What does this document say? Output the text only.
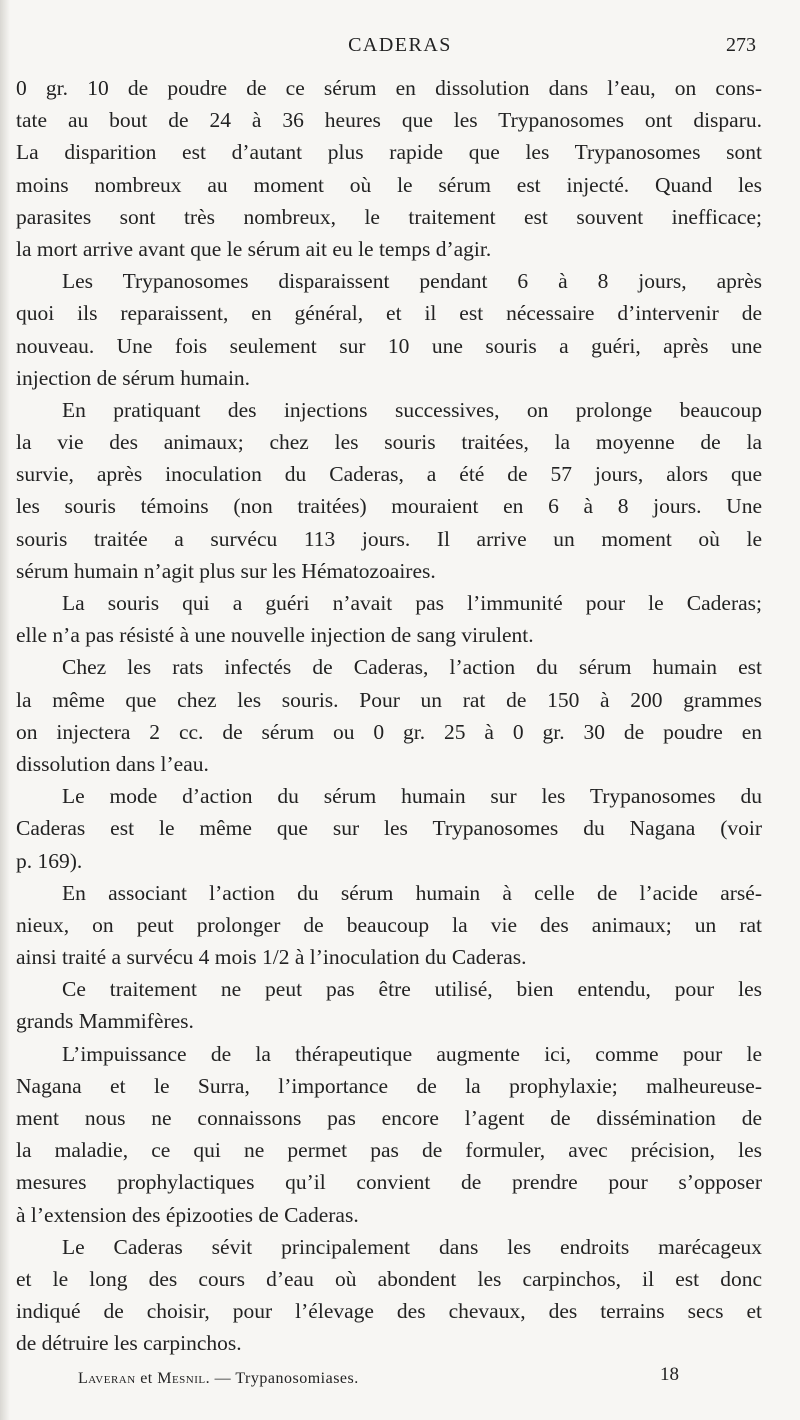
CADERAS	273
0 gr. 10 de poudre de ce sérum en dissolution dans l’eau, on cons-
tate au bout de 24 à 36 heures que les Trypanosomes ont disparu.
La disparition est d’autant plus rapide que les Trypanosomes sont
moins nombreux au moment où le sérum est injecté. Quand les
parasites sont très nombreux, le traitement est souvent inefficace;
la mort arrive avant que le sérum ait eu le temps d’agir.
Les Trypanosomes disparaissent pendant 6 à 8 jours, après
quoi ils reparaissent, en général, et il est nécessaire d’intervenir de
nouveau. Une fois seulement sur 10 une souris a guéri, après une
injection de sérum humain.
En pratiquant des injections successives, on prolonge beaucoup
la vie des animaux; chez les souris traitées, la moyenne de la
survie, après inoculation du Caderas, a été de 57 jours, alors que
les souris témoins (non traitées) mouraient en 6 à 8 jours. Une
souris traitée a survécu 113 jours. Il arrive un moment où le
sérum humain n’agit plus sur les Hématozoaires.
La souris qui a guéri n’avait pas l’immunité pour le Caderas;
elle n’a pas résisté à une nouvelle injection de sang virulent.
Chez les rats infectés de Caderas, l’action du sérum humain est
la même que chez les souris. Pour un rat de 150 à 200 grammes
on injectera 2 cc. de sérum ou 0 gr. 25 à 0 gr. 30 de poudre en
dissolution dans l’eau.
Le mode d’action du sérum humain sur les Trypanosomes du
Caderas est le même que sur les Trypanosomes du Nagana (voir
p. 169).
En associant l’action du sérum humain à celle de l’acide arsé-
nieux, on peut prolonger de beaucoup la vie des animaux; un rat
ainsi traité a survécu 4 mois 1/2 à l’inoculation du Caderas.
Ce traitement ne peut pas être utilisé, bien entendu, pour les
grands Mammifères.
L’impuissance de la thérapeutique augmente ici, comme pour le
Nagana et le Surra, l’importance de la prophylaxie; malheureuse-
ment nous ne connaissons pas encore l’agent de dissémination de
la maladie, ce qui ne permet pas de formuler, avec précision, les
mesures prophylactiques qu’il convient de prendre pour s’opposer
à l’extension des épizooties de Caderas.
Le Caderas sévit principalement dans les endroits marécageux
et le long des cours d’eau où abondent les carpinchos, il est donc
indiqué de choisir, pour l’élevage des chevaux, des terrains secs et
de détruire les carpinchos.
Laveran et Mesnil. — Trypanosomiases.	18
